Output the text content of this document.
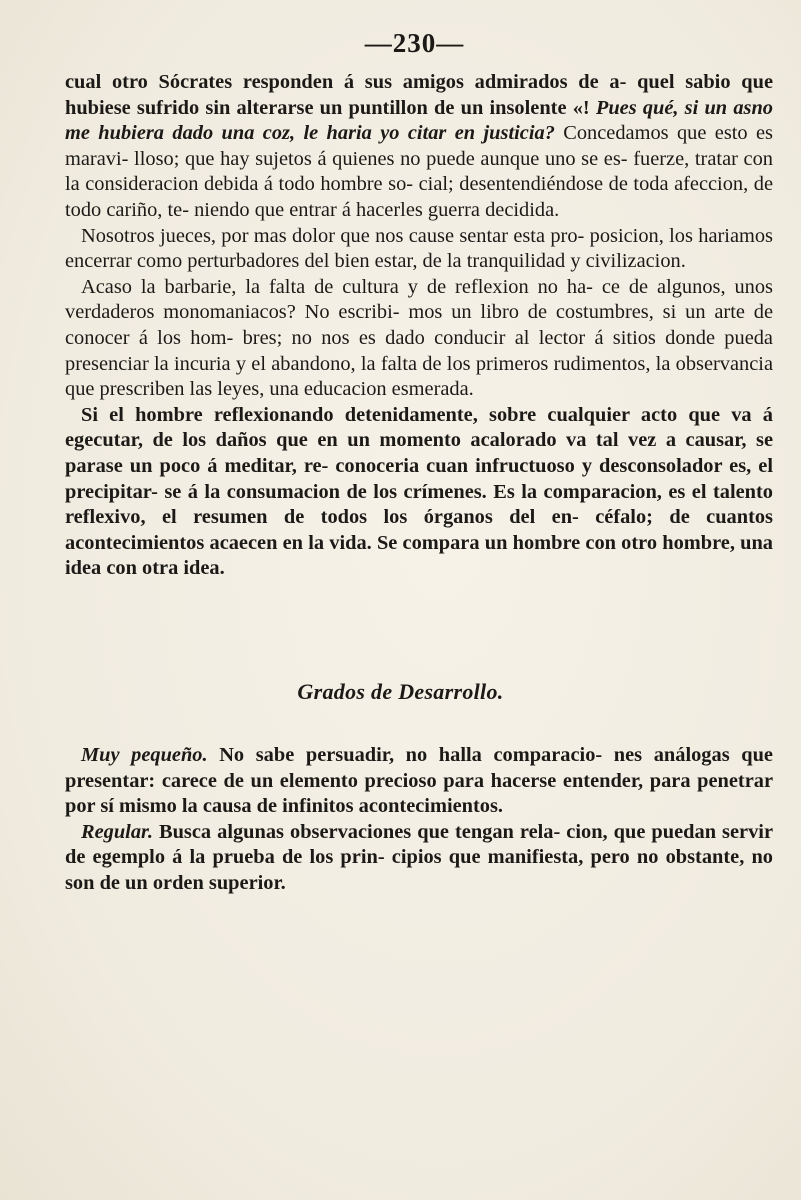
—230—

cual otro Sócrates responden á sus amigos admirados de a- quel sabio que hubiese sufrido sin alterarse un puntillon de un insolente «! Pues qué, si un asno me hubiera dado una coz, le haria yo citar en justicia? Concedamos que esto es maravi- lloso; que hay sujetos á quienes no puede aunque uno se es- fuerze, tratar con la consideracion debida á todo hombre so- cial; desentendiéndose de toda afeccion, de todo cariño, te- niendo que entrar á hacerles guerra decidida.

Nosotros jueces, por mas dolor que nos cause sentar esta pro- posicion, los hariamos encerrar como perturbadores del bien estar, de la tranquilidad y civilizacion.

Acaso la barbarie, la falta de cultura y de reflexion no ha- ce de algunos, unos verdaderos monomaniacos? No escribi- mos un libro de costumbres, si un arte de conocer á los hom- bres; no nos es dado conducir al lector á sitios donde pueda presenciar la incuria y el abandono, la falta de los primeros rudimentos, la observancia que prescriben las leyes, una educacion esmerada.

Si el hombre reflexionando detenidamente, sobre cualquier acto que va á egecutar, de los daños que en un momento acalorado va tal vez a causar, se parase un poco á meditar, re- conoceria cuan infructuoso y desconsolador es, el precipitar- se á la consumacion de los crímenes. Es la comparacion, es el talento reflexivo, el resumen de todos los órganos del en- céfalo; de cuantos acontecimientos acaecen en la vida. Se compara un hombre con otro hombre, una idea con otra idea.

Grados de Desarrollo.

Muy pequeño. No sabe persuadir, no halla comparacio- nes análogas que presentar: carece de un elemento precioso para hacerse entender, para penetrar por sí mismo la causa de infinitos acontecimientos.

Regular. Busca algunas observaciones que tengan rela- cion, que puedan servir de egemplo á la prueba de los prin- cipios que manifiesta, pero no obstante, no son de un orden superior.
